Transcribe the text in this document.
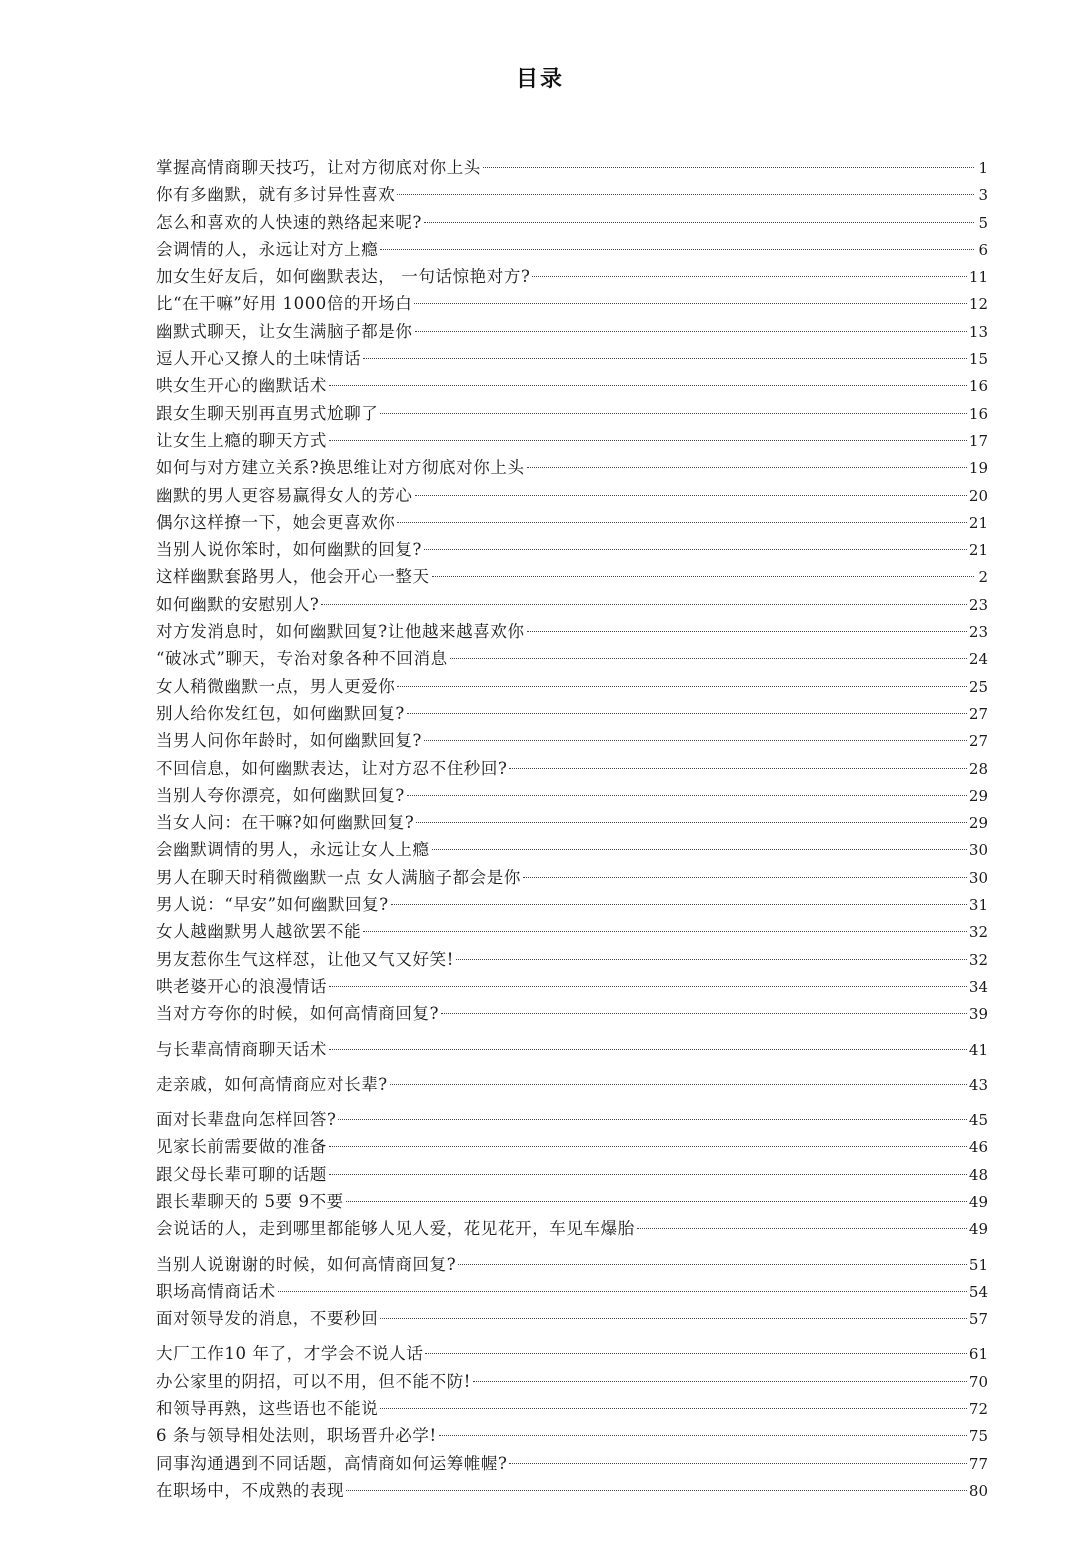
目录
掌握高情商聊天技巧，让对方彻底对你上头	1
你有多幽默，就有多讨异性喜欢	3
怎么和喜欢的人快速的熟络起来呢?	5
会调情的人，永远让对方上瘾	6
加女生好友后，如何幽默表达， 一句话惊艳对方?	11
比“在干嘛”好用 1000倍的开场白	12
幽默式聊天，让女生满脑子都是你	13
逗人开心又撩人的土味情话	15
哄女生开心的幽默话术	16
跟女生聊天别再直男式尬聊了	16
让女生上瘾的聊天方式	17
如何与对方建立关系?换思维让对方彻底对你上头	19
幽默的男人更容易赢得女人的芳心	20
偶尔这样撩一下，她会更喜欢你	21
当别人说你笨时，如何幽默的回复?	21
这样幽默套路男人，他会开心一整天	2
如何幽默的安慰别人?	23
对方发消息时，如何幽默回复?让他越来越喜欢你	23
“破冰式”聊天，专治对象各种不回消息	24
女人稍微幽默一点，男人更爱你	25
别人给你发红包，如何幽默回复?	27
当男人问你年龄时，如何幽默回复?	27
不回信息，如何幽默表达，让对方忍不住秒回?	28
当别人夸你漂亮，如何幽默回复?	29
当女人问：在干嘛?如何幽默回复?	29
会幽默调情的男人，永远让女人上瘾	30
男人在聊天时稍微幽默一点 女人满脑子都会是你	30
男人说：“早安”如何幽默回复?	31
女人越幽默男人越欲罢不能	32
男友惹你生气这样怼，让他又气又好笑!	32
哄老婆开心的浪漫情话	34
当对方夸你的时候，如何高情商回复?	39
与长辈高情商聊天话术	41
走亲戚，如何高情商应对长辈?	43
面对长辈盘向怎样回答?	45
见家长前需要做的准备	46
跟父母长辈可聊的话题	48
跟长辈聊天的 5要 9不要	49
会说话的人，走到哪里都能够人见人爱，花见花开，车见车爆胎	49
当别人说谢谢的时候，如何高情商回复?	51
职场高情商话术	54
面对领导发的消息，不要秒回	57
大厂工作10 年了，才学会不说人话	61
办公家里的阴招，可以不用，但不能不防!	70
和领导再熟，这些语也不能说	72
6 条与领导相处法则，职场晋升必学!	75
同事沟通遇到不同话题，高情商如何运筹帷幄?	77
在职场中，不成熟的表现	80
